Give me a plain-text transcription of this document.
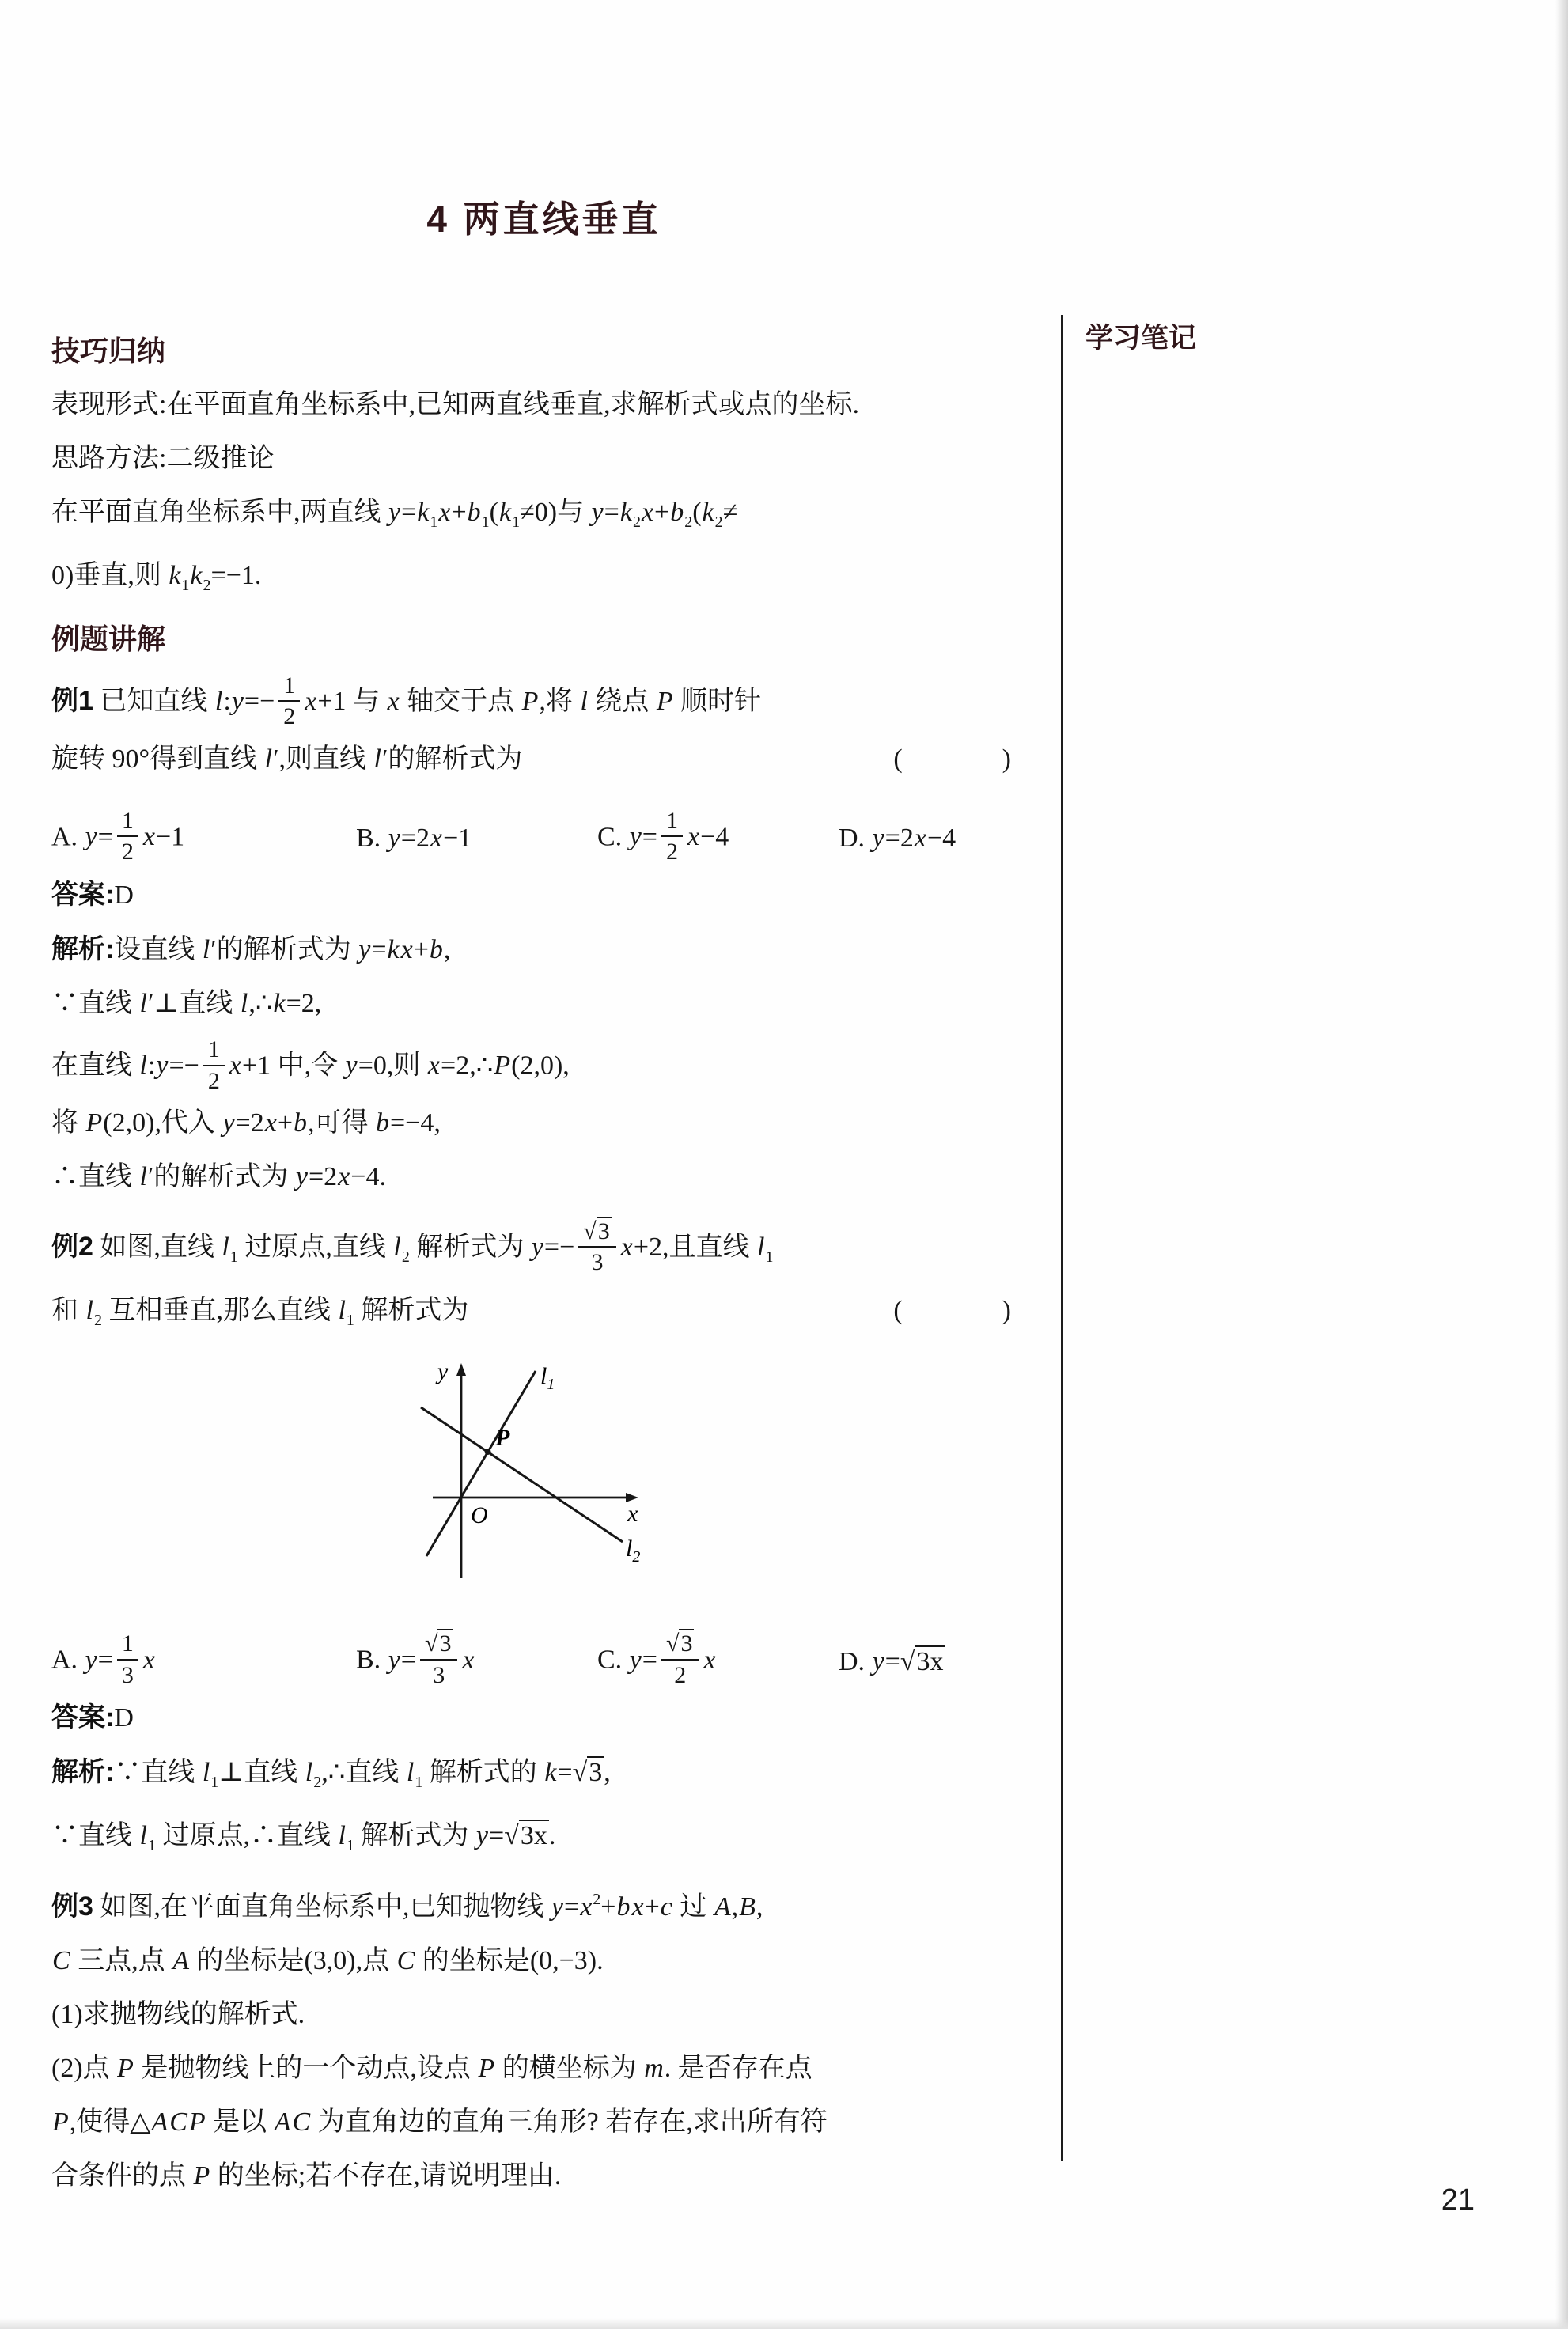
4 两直线垂直
技巧归纳
表现形式:在平面直角坐标系中,已知两直线垂直,求解析式或点的坐标.
思路方法:二级推论
在平面直角坐标系中,两直线 $y=k_1x+b_1(k_1\ne 0)$与 $y=k_2x+b_2(k_2\ne$
0)垂直,则 $k_1k_2=-1$.
例题讲解
例1 已知直线 l:y=− $\frac{1}{2} x+1$ 与 x 轴交于点 P,将 l 绕点 P 顺时针
(　　　)
旋转 90°得到直线 l′,则直线 l′的解析式为
A. $y= \frac{1}{2} x-1$	B. y=2x−1	C. $y= \frac{1}{2} x-4$	D. y=2x−4
答案:D
解析:设直线 l′的解析式为 y=kx+b,
∵直线 l′⊥直线 l,∴k=2,
在直线 l:y=− $\frac{1}{2} x+1$ 中,令 y=0,则 x=2,∴P(2,0),
将 P(2,0),代入 y=2x+b,可得 b=−4,
∴直线 l′的解析式为 y=2x−4.
例2 如图,直线 $l_1$ 过原点,直线 $l_2$ 解析式为 $y=- \frac{√3}{3} x+2$,且直线 $l_1$
(　　　)
和 $l_2$ 互相垂直,那么直线 $l_1$ 解析式为
P
O
y
x
$l_1$
$l_2$
A. $y= \frac{1}{3}$ x	B. $y= \frac{√3}{3}$ x	C. $y= \frac{√3}{2}$ x	D. y=√3x
答案:D
解析:∵直线 $l_1\perp$直线 $l_2,\therefore$直线 $l_1$ 解析式的 k=√3,
∵直线 $l_1$ 过原点,∴直线 $l_1$ 解析式为 y=√3x.
例3 如图,在平面直角坐标系中,已知抛物线 $y=x^2+bx+c$ 过 A,B,
C 三点,点 A 的坐标是(3,0),点 C 的坐标是(0,−3).
(1)求抛物线的解析式.
(2)点 P 是抛物线上的一个动点,设点 P 的横坐标为 m. 是否存在点
P,使得△ACP 是以 AC 为直角边的直角三角形? 若存在,求出所有符
合条件的点 P 的坐标;若不存在,请说明理由.
学习笔记
21
